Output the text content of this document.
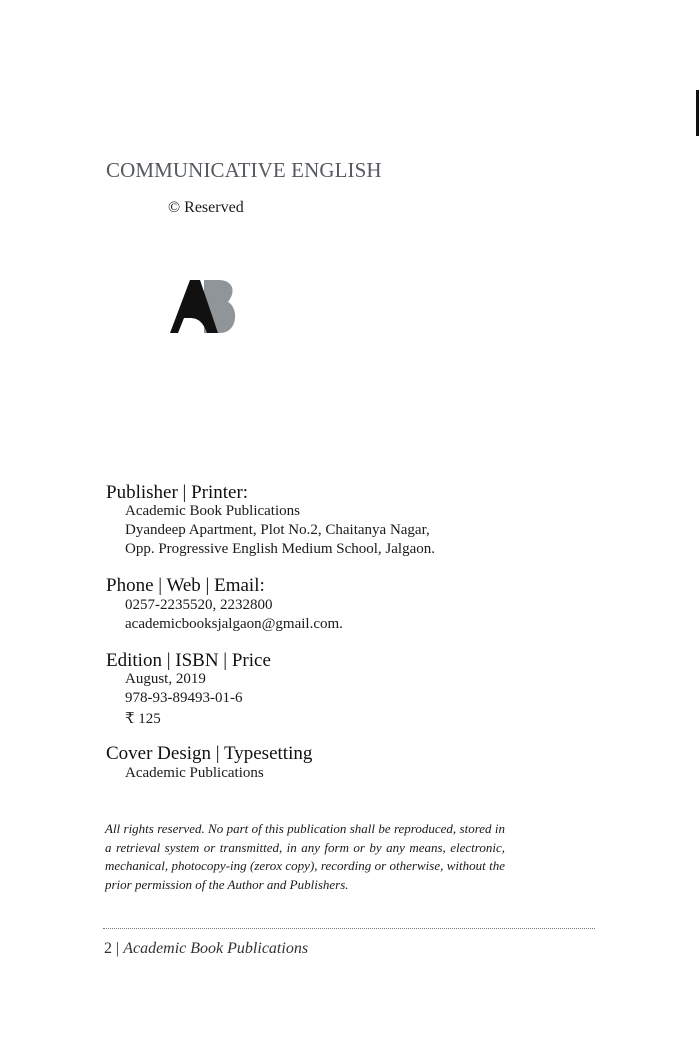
COMMUNICATIVE ENGLISH
© Reserved
Publisher | Printer:
Academic Book Publications
Dyandeep Apartment, Plot No.2, Chaitanya Nagar,
Opp. Progressive English Medium School, Jalgaon.
Phone | Web | Email:
0257-2235520, 2232800
academicbooksjalgaon@gmail.com.
Edition | ISBN | Price
August, 2019
978-93-89493-01-6
₹ 125
Cover Design | Typesetting
Academic Publications
All rights reserved. No part of this publication shall be reproduced, stored in a retrieval system or transmitted, in any form or by any means, electronic, mechanical, photocopy-ing (zerox copy), recording or otherwise, without the prior permission of the Author and Publishers.
2 | Academic Book Publications
